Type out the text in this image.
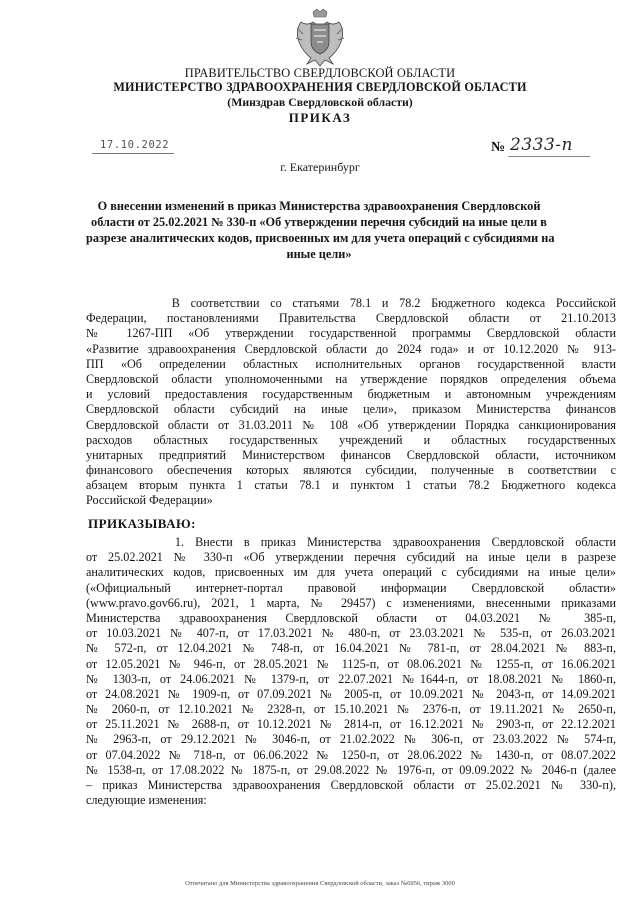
ПРАВИТЕЛЬСТВО СВЕРДЛОВСКОЙ ОБЛАСТИ
МИНИСТЕРСТВО ЗДРАВООХРАНЕНИЯ СВЕРДЛОВСКОЙ ОБЛАСТИ
(Минздрав Свердловской области)
ПРИКАЗ
17.10.2022	№ 2333-п
г. Екатеринбург
О внесении изменений в приказ Министерства здравоохранения Свердловской
области от 25.02.2021 № 330-п «Об утверждении перечня субсидий на иные цели в
разрезе аналитических кодов, присвоенных им для учета операций с субсидиями на
иные цели»
В соответствии со статьями 78.1 и 78.2 Бюджетного кодекса Российской
Федерации, постановлениями Правительства Свердловской области от 21.10.2013
№ 1267-ПП «Об утверждении государственной программы Свердловской области
«Развитие здравоохранения Свердловской области до 2024 года» и от 10.12.2020 № 913-
ПП «Об определении областных исполнительных органов государственной власти
Свердловской области уполномоченными на утверждение порядков определения объема
и условий предоставления государственным бюджетным и автономным учреждениям
Свердловской области субсидий на иные цели», приказом Министерства финансов
Свердловской области от 31.03.2011 № 108 «Об утверждении Порядка санкционирования
расходов областных государственных учреждений и областных государственных
унитарных предприятий Министерством финансов Свердловской области, источником
финансового обеспечения которых являются субсидии, полученные в соответствии с
абзацем вторым пункта 1 статьи 78.1 и пунктом 1 статьи 78.2 Бюджетного кодекса
Российской Федерации»
ПРИКАЗЫВАЮ:
1. Внести в приказ Министерства здравоохранения Свердловской области
от 25.02.2021 № 330-п «Об утверждении перечня субсидий на иные цели в разрезе
аналитических кодов, присвоенных им для учета операций с субсидиями на иные цели»
(«Официальный интернет-портал правовой информации Свердловской области»
(www.pravo.gov66.ru), 2021, 1 марта, № 29457) с изменениями, внесенными приказами
Министерства здравоохранения Свердловской области от 04.03.2021 № 385-п,
от 10.03.2021 № 407-п, от 17.03.2021 № 480-п, от 23.03.2021 № 535-п, от 26.03.2021
№ 572-п, от 12.04.2021 № 748-п, от 16.04.2021 № 781-п, от 28.04.2021 № 883-п,
от 12.05.2021 № 946-п, от 28.05.2021 № 1125-п, от 08.06.2021 № 1255-п, от 16.06.2021
№ 1303-п, от 24.06.2021 № 1379-п, от 22.07.2021 №1644-п, от 18.08.2021 № 1860-п,
от 24.08.2021 № 1909-п, от 07.09.2021 № 2005-п, от 10.09.2021 № 2043-п, от 14.09.2021
№ 2060-п, от 12.10.2021 № 2328-п, от 15.10.2021 № 2376-п, от 19.11.2021 № 2650-п,
от 25.11.2021 № 2688-п, от 10.12.2021 № 2814-п, от 16.12.2021 № 2903-п, от 22.12.2021
№ 2963-п, от 29.12.2021 № 3046-п, от 21.02.2022 № 306-п, от 23.03.2022 № 574-п,
от 07.04.2022 № 718-п, от 06.06.2022 № 1250-п, от 28.06.2022 № 1430-п, от 08.07.2022
№ 1538-п, от 17.08.2022 № 1875-п, от 29.08.2022 № 1976-п, от 09.09.2022 № 2046-п (далее
– приказ Министерства здравоохранения Свердловской области от 25.02.2021 № 330-п),
следующие изменения:
Отпечатано для Министерства здравоохранения Свердловской области, заказ №6956, тираж 3000
